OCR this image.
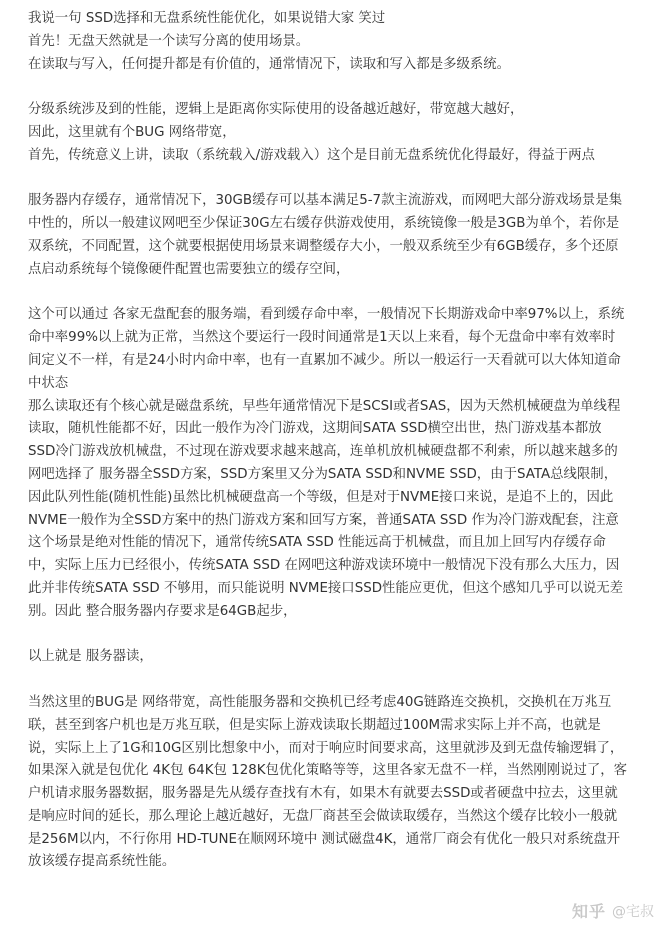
我说一句 SSD选择和无盘系统性能优化，如果说错大家 笑过
首先！无盘天然就是一个读写分离的使用场景。
在读取与写入，任何提升都是有价值的，通常情况下，读取和写入都是多级系统。
分级系统涉及到的性能，逻辑上是距离你实际使用的设备越近越好，带宽越大越好，
因此，这里就有个BUG 网络带宽，
首先，传统意义上讲，读取（系统载入/游戏载入）这个是目前无盘系统优化得最好，得益于两点
服务器内存缓存，通常情况下，30GB缓存可以基本满足5-7款主流游戏，而网吧大部分游戏场景是集
中性的，所以一般建议网吧至少保证30G左右缓存供游戏使用，系统镜像一般是3GB为单个，若你是
双系统，不同配置，这个就要根据使用场景来调整缓存大小，一般双系统至少有6GB缓存，多个还原
点启动系统每个镜像硬件配置也需要独立的缓存空间，
这个可以通过 各家无盘配套的服务端，看到缓存命中率，一般情况下长期游戏命中率97%以上，系统
命中率99%以上就为正常，当然这个要运行一段时间通常是1天以上来看，每个无盘命中率有效率时
间定义不一样，有是24小时内命中率，也有一直累加不减少。所以一般运行一天看就可以大体知道命
中状态
那么读取还有个核心就是磁盘系统，早些年通常情况下是SCSI或者SAS，因为天然机械硬盘为单线程
读取，随机性能都不好，因此一般作为冷门游戏，这期间SATA SSD横空出世，热门游戏基本都放
SSD冷门游戏放机械盘，不过现在游戏要求越来越高，连单机放机械硬盘都不利索，所以越来越多的
网吧选择了 服务器全SSD方案，SSD方案里又分为SATA SSD和NVME SSD，由于SATA总线限制，
因此队列性能(随机性能)虽然比机械硬盘高一个等级，但是对于NVME接口来说，是追不上的，因此
NVME一般作为全SSD方案中的热门游戏方案和回写方案，普通SATA SSD 作为冷门游戏配套，注意
这个场景是绝对性能的情况下，通常传统SATA SSD 性能远高于机械盘，而且加上回写内存缓存命
中，实际上压力已经很小，传统SATA SSD 在网吧这种游戏读环境中一般情况下没有那么大压力，因
此并非传统SATA SSD 不够用，而只能说明 NVME接口SSD性能应更优，但这个感知几乎可以说无差
别。因此 整合服务器内存要求是64GB起步，
以上就是 服务器读，
当然这里的BUG是 网络带宽，高性能服务器和交换机已经考虑40G链路连交换机，交换机在万兆互
联，甚至到客户机也是万兆互联，但是实际上游戏读取长期超过100M需求实际上并不高，也就是
说，实际上上了1G和10G区别比想象中小，而对于响应时间要求高，这里就涉及到无盘传输逻辑了，
如果深入就是包优化 4K包 64K包 128K包优化策略等等，这里各家无盘不一样，当然刚刚说过了，客
户机请求服务器数据，服务器是先从缓存查找有木有，如果木有就要去SSD或者硬盘中拉去，这里就
是响应时间的延长，那么理论上越近越好，无盘厂商甚至会做读取缓存，当然这个缓存比较小一般就
是256M以内，不行你用 HD-TUNE在顺网环境中 测试磁盘4K，通常厂商会有优化一般只对系统盘开
放该缓存提高系统性能。
知乎 @宅叔
